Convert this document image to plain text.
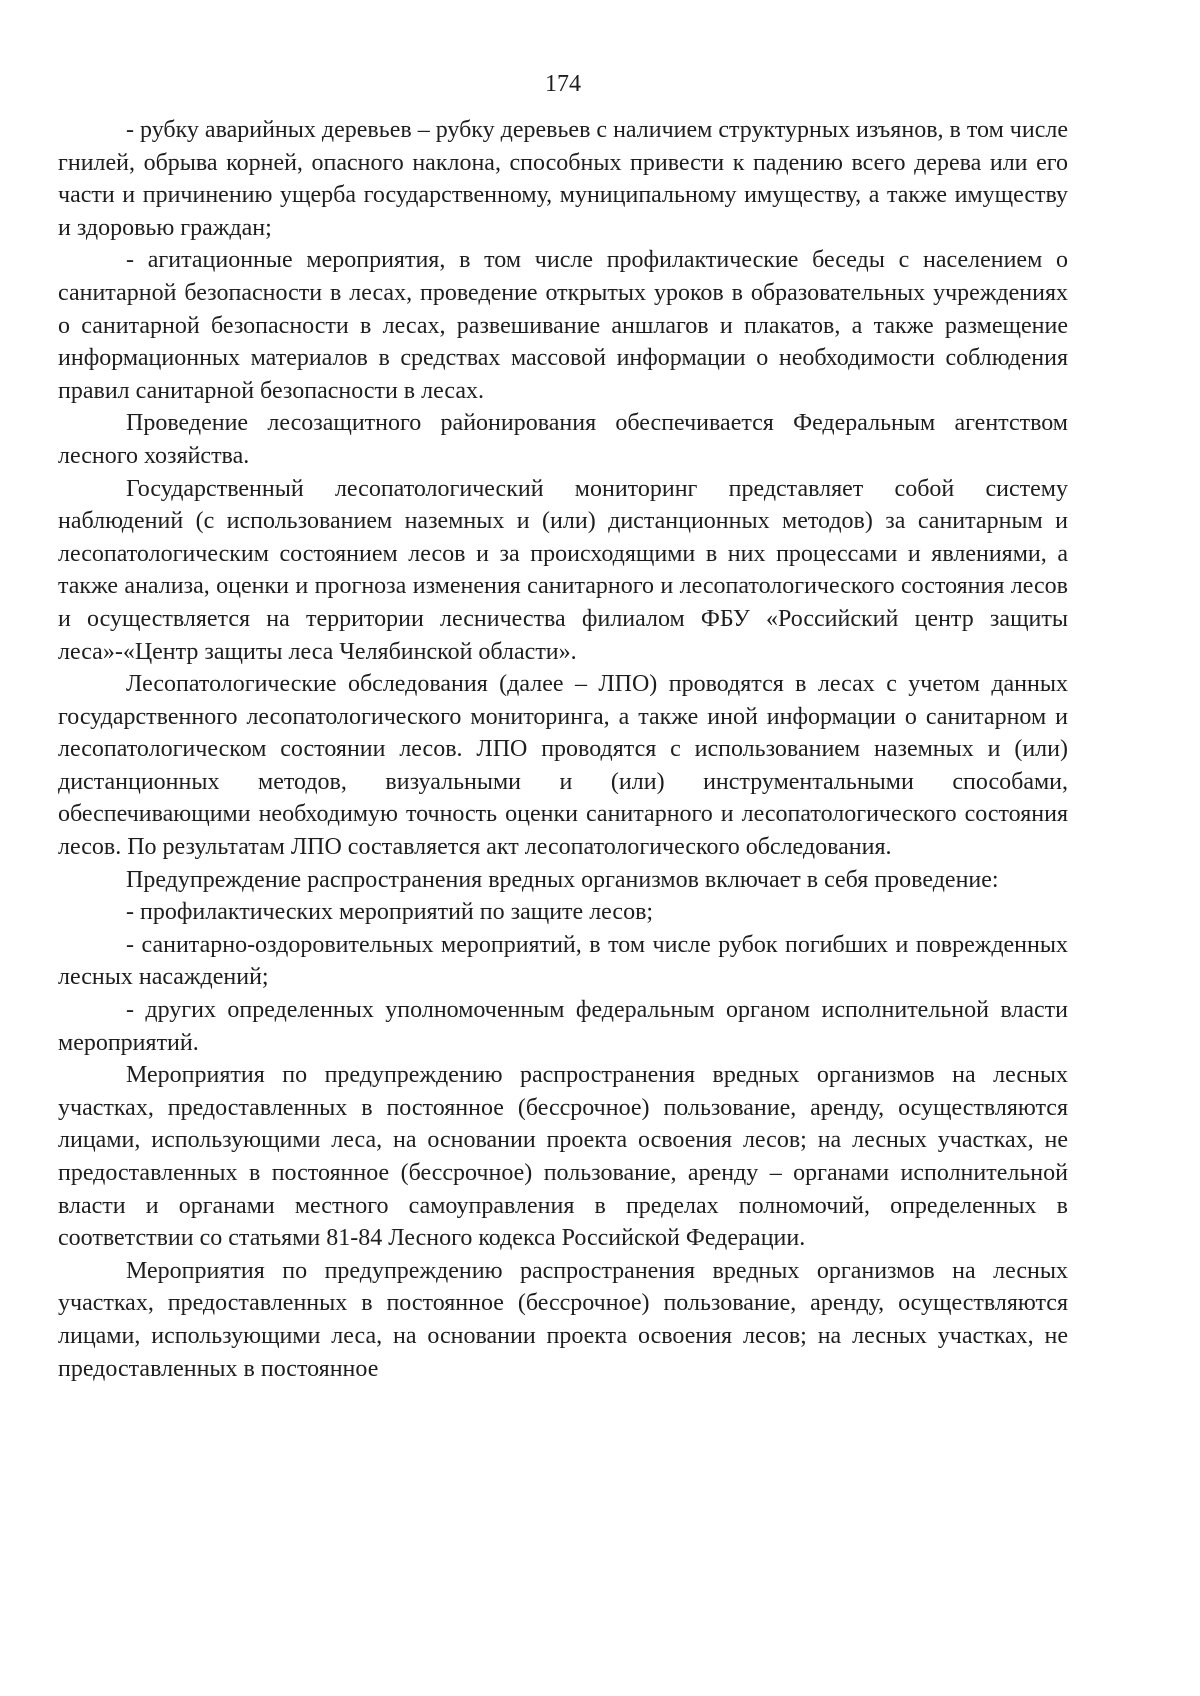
174

- рубку аварийных деревьев – рубку деревьев с наличием структурных изъянов, в том числе гнилей, обрыва корней, опасного наклона, способных привести к падению всего дерева или его части и причинению ущерба государственному, муниципальному имуществу, а также имуществу и здоровью граждан;

- агитационные мероприятия, в том числе профилактические беседы с населением о санитарной безопасности в лесах, проведение открытых уроков в образовательных учреждениях о санитарной безопасности в лесах, развешивание аншлагов и плакатов, а также размещение информационных материалов в средствах массовой информации о необходимости соблюдения правил санитарной безопасности в лесах.

Проведение лесозащитного районирования обеспечивается Федеральным агентством лесного хозяйства.

Государственный лесопатологический мониторинг представляет собой систему наблюдений (с использованием наземных и (или) дистанционных методов) за санитарным и лесопатологическим состоянием лесов и за происходящими в них процессами и явлениями, а также анализа, оценки и прогноза изменения санитарного и лесопатологического состояния лесов и осуществляется на территории лесничества филиалом ФБУ «Российский центр защиты леса»-«Центр защиты леса Челябинской области».

Лесопатологические обследования (далее – ЛПО) проводятся в лесах с учетом данных государственного лесопатологического мониторинга, а также иной информации о санитарном и лесопатологическом состоянии лесов. ЛПО проводятся с использованием наземных и (или) дистанционных методов, визуальными и (или) инструментальными способами, обеспечивающими необходимую точность оценки санитарного и лесопатологического состояния лесов. По результатам ЛПО составляется акт лесопатологического обследования.

Предупреждение распространения вредных организмов включает в себя проведение:

- профилактических мероприятий по защите лесов;

- санитарно-оздоровительных мероприятий, в том числе рубок погибших и поврежденных лесных насаждений;

- других определенных уполномоченным федеральным органом исполнительной власти мероприятий.

Мероприятия по предупреждению распространения вредных организмов на лесных участках, предоставленных в постоянное (бессрочное) пользование, аренду, осуществляются лицами, использующими леса, на основании проекта освоения лесов; на лесных участках, не предоставленных в постоянное (бессрочное) пользование, аренду – органами исполнительной власти и органами местного самоуправления в пределах полномочий, определенных в соответствии со статьями 81-84 Лесного кодекса Российской Федерации.

Мероприятия по предупреждению распространения вредных организмов на лесных участках, предоставленных в постоянное (бессрочное) пользование, аренду, осуществляются лицами, использующими леса, на основании проекта освоения лесов; на лесных участках, не предоставленных в постоянное
